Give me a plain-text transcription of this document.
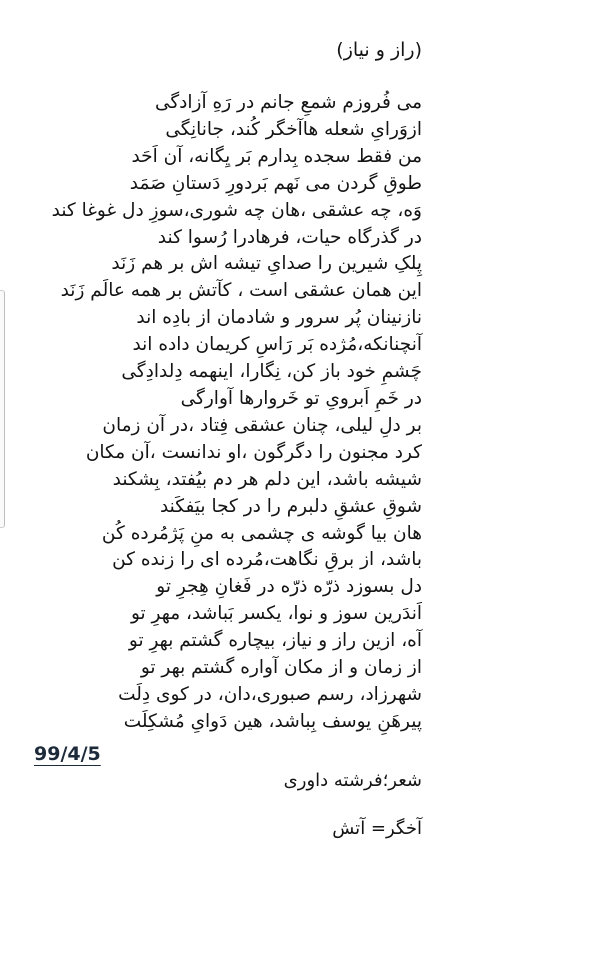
(راز و نیاز)
می فُروزم شمعِ جانم در رَهِ آزادگی
ازوَرایِ شعله هاآخگر کُند، جانانِگی
من فقط سجده بِدارم بَر یِگانه، آن اَحَد
طوقِ گردن می نَهم بَردورِ دَستانِ صَمَد
وَه، چه عشقی ،هان چه شوری،سوزِ دل غوغا کند
در گذرگاه حیات، فرهادرا رُسوا کند
پِلکِ شیرین را صدایِ تیشه اش بر هم زَنَد
این همان عشقی است ، کآتش بر همه عالَم زَنَد
نازنینان پُر سرور و شادمان از بادِه اند
آنچنانکه،مُژده بَر رَاسِ کریمان داده اند
چَشمِ خود باز کن، نِگارا، اینهمه دِلدادِگی
در خَمِ اَبرویِ تو خَروارها آوارگی
بر دلِ لیلی، چنان عشقی فِتاد ،در آن زمان
کرد مجنون را دگرگون ،او ندانست ،آن مکان
شیشه باشد، این دلم هر دم بیُفتد، بِشکند
شوقِ عشقِ دلبرم را در کجا بیَفکَند
هان بیا گوشه ی چشمی به منِ پَژمُرده کُن
باشد، از برقِ نگاهت،مُرده ای را زنده کن
دل بسوزد ذرّه ذرّه در فَغانِ هِجرِ تو
اَندَرین سوز و نوا، یکسر بَباشد، مهرِ تو
آه، ازین راز و نیاز، بیچاره گشتم بهرِ تو
از زمان و از مکان آواره گشتم بهر تو
شهرزاد، رسم صبوری،دان، در کوی دِلَت
پیرهَنِ یوسف بِباشد، هین دَوایِ مُشکِلَت
99/4/5
شعر؛فرشته داوری
آخگر= آتش
